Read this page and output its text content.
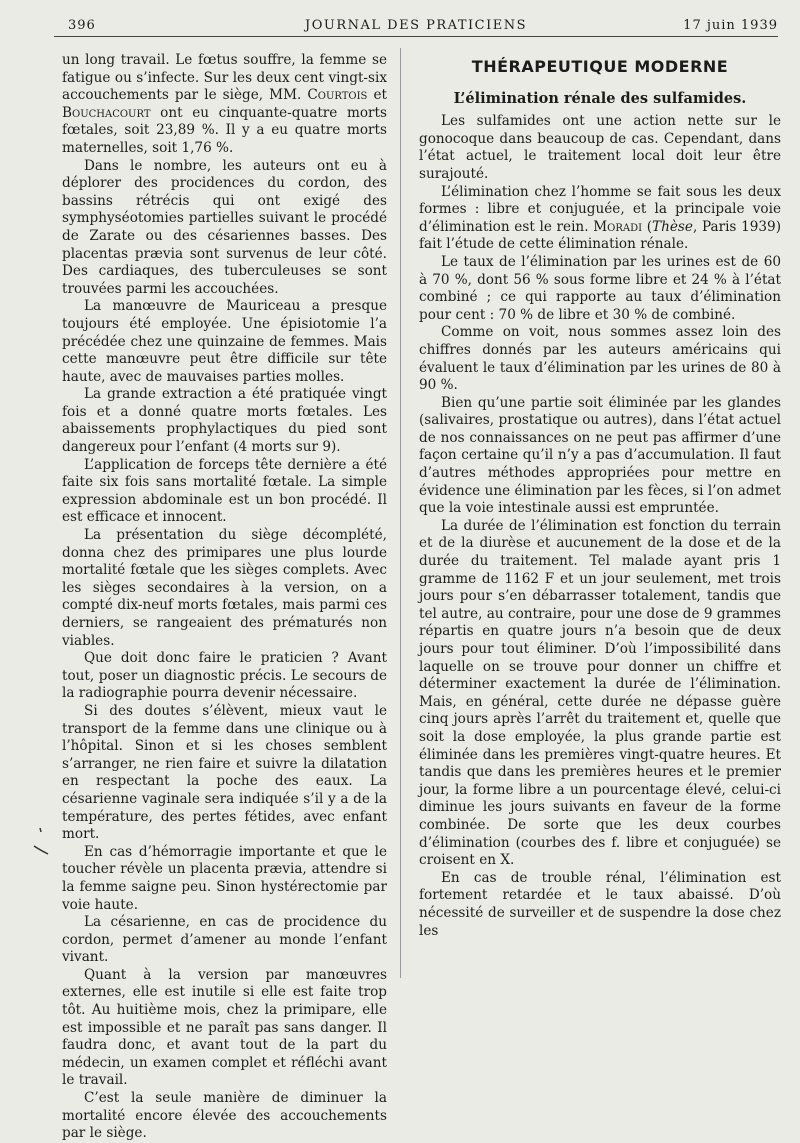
396	JOURNAL DES PRATICIENS	17 juin 1939

un long travail. Le fœtus souffre, la femme se fatigue ou s’infecte. Sur les deux cent vingt-six accouchements par le siège, MM. Courtois et Bouchacourt ont eu cinquante-quatre morts fœtales, soit 23,89 %. Il y a eu quatre morts maternelles, soit 1,76 %.

Dans le nombre, les auteurs ont eu à déplorer des procidences du cordon, des bassins rétrécis qui ont exigé des symphyséotomies partielles suivant le procédé de Zarate ou des césariennes basses. Des placentas prævia sont survenus de leur côté. Des cardiaques, des tuberculeuses se sont trouvées parmi les accouchées.

La manœuvre de Mauriceau a presque toujours été employée. Une épisiotomie l’a précédée chez une quinzaine de femmes. Mais cette manœuvre peut être difficile sur tête haute, avec de mauvaises parties molles.

La grande extraction a été pratiquée vingt fois et a donné quatre morts fœtales. Les abaissements prophylactiques du pied sont dangereux pour l’enfant (4 morts sur 9).

L’application de forceps tête dernière a été faite six fois sans mortalité fœtale. La simple expression abdominale est un bon procédé. Il est efficace et innocent.

La présentation du siège décomplété, donna chez des primipares une plus lourde mortalité fœtale que les sièges complets. Avec les sièges secondaires à la version, on a compté dix-neuf morts fœtales, mais parmi ces derniers, se rangeaient des prématurés non viables.

Que doit donc faire le praticien ? Avant tout, poser un diagnostic précis. Le secours de la radiographie pourra devenir nécessaire.

Si des doutes s’élèvent, mieux vaut le transport de la femme dans une clinique ou à l’hôpital. Sinon et si les choses semblent s’arranger, ne rien faire et suivre la dilatation en respectant la poche des eaux. La césarienne vaginale sera indiquée s’il y a de la température, des pertes fétides, avec enfant mort.

En cas d’hémorragie importante et que le toucher révèle un placenta prævia, attendre si la femme saigne peu. Sinon hystérectomie par voie haute.

La césarienne, en cas de procidence du cordon, permet d’amener au monde l’enfant vivant.

Quant à la version par manœuvres externes, elle est inutile si elle est faite trop tôt. Au huitième mois, chez la primipare, elle est impossible et ne paraît pas sans danger. Il faudra donc, et avant tout de la part du médecin, un examen complet et réfléchi avant le travail.

C’est la seule manière de diminuer la mortalité encore élevée des accouchements par le siège.

THÉRAPEUTIQUE MODERNE
L’élimination rénale des sulfamides.

Les sulfamides ont une action nette sur le gonocoque dans beaucoup de cas. Cependant, dans l’état actuel, le traitement local doit leur être surajouté.

L’élimination chez l’homme se fait sous les deux formes : libre et conjuguée, et la principale voie d’élimination est le rein. Moradi (Thèse, Paris 1939) fait l’étude de cette élimination rénale.

Le taux de l’élimination par les urines est de 60 à 70 %, dont 56 % sous forme libre et 24 % à l’état combiné ; ce qui rapporte au taux d’élimination pour cent : 70 % de libre et 30 % de combiné.

Comme on voit, nous sommes assez loin des chiffres donnés par les auteurs américains qui évaluent le taux d’élimination par les urines de 80 à 90 %.

Bien qu’une partie soit éliminée par les glandes (salivaires, prostatique ou autres), dans l’état actuel de nos connaissances on ne peut pas affirmer d’une façon certaine qu’il n’y a pas d’accumulation. Il faut d’autres méthodes appropriées pour mettre en évidence une élimination par les fèces, si l’on admet que la voie intestinale aussi est empruntée.

La durée de l’élimination est fonction du terrain et de la diurèse et aucunement de la dose et de la durée du traitement. Tel malade ayant pris 1 gramme de 1162 F et un jour seulement, met trois jours pour s’en débarrasser totalement, tandis que tel autre, au contraire, pour une dose de 9 grammes répartis en quatre jours n’a besoin que de deux jours pour tout éliminer. D’où l’impossibilité dans laquelle on se trouve pour donner un chiffre et déterminer exactement la durée de l’élimination. Mais, en général, cette durée ne dépasse guère cinq jours après l’arrêt du traitement et, quelle que soit la dose employée, la plus grande partie est éliminée dans les premières vingt-quatre heures. Et tandis que dans les premières heures et le premier jour, la forme libre a un pourcentage élevé, celui-ci diminue les jours suivants en faveur de la forme combinée. De sorte que les deux courbes d’élimination (courbes des f. libre et conjuguée) se croisent en X.

En cas de trouble rénal, l’élimination est fortement retardée et le taux abaissé. D’où nécessité de surveiller et de suspendre la dose chez les
